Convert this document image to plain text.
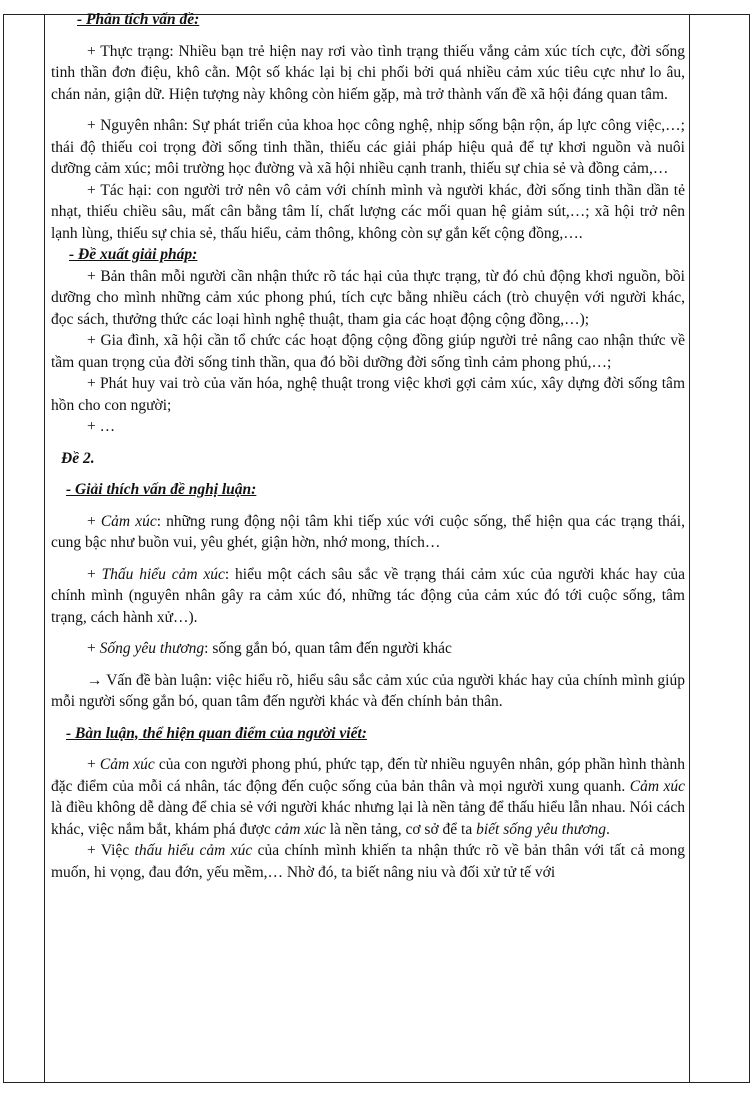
- Phân tích vấn đề:

+ Thực trạng: Nhiều bạn trẻ hiện nay rơi vào tình trạng thiếu vắng cảm xúc tích cực, đời sống tinh thần đơn điệu, khô cằn. Một số khác lại bị chi phối bởi quá nhiều cảm xúc tiêu cực như lo âu, chán nản, giận dữ. Hiện tượng này không còn hiếm gặp, mà trở thành vấn đề xã hội đáng quan tâm.

+ Nguyên nhân: Sự phát triển của khoa học công nghệ, nhịp sống bận rộn, áp lực công việc,…; thái độ thiếu coi trọng đời sống tinh thần, thiếu các giải pháp hiệu quả để tự khơi nguồn và nuôi dưỡng cảm xúc; môi trường học đường và xã hội nhiều cạnh tranh, thiếu sự chia sẻ và đồng cảm,…

+ Tác hại: con người trở nên vô cảm với chính mình và người khác, đời sống tinh thần dần tẻ nhạt, thiếu chiều sâu, mất cân bằng tâm lí, chất lượng các mối quan hệ giảm sút,…; xã hội trở nên lạnh lùng, thiếu sự chia sẻ, thấu hiểu, cảm thông, không còn sự gắn kết cộng đồng,….

- Đề xuất giải pháp:

+ Bản thân mỗi người cần nhận thức rõ tác hại của thực trạng, từ đó chủ động khơi nguồn, bồi dưỡng cho mình những cảm xúc phong phú, tích cực bằng nhiều cách (trò chuyện với người khác, đọc sách, thưởng thức các loại hình nghệ thuật, tham gia các hoạt động cộng đồng,…);

+ Gia đình, xã hội cần tổ chức các hoạt động cộng đồng giúp người trẻ nâng cao nhận thức về tầm quan trọng của đời sống tinh thần, qua đó bồi dưỡng đời sống tình cảm phong phú,…;

+ Phát huy vai trò của văn hóa, nghệ thuật trong việc khơi gợi cảm xúc, xây dựng đời sống tâm hồn cho con người;

+ …

Đề 2.

- Giải thích vấn đề nghị luận:

+ Cảm xúc: những rung động nội tâm khi tiếp xúc với cuộc sống, thể hiện qua các trạng thái, cung bậc như buồn vui, yêu ghét, giận hờn, nhớ mong, thích…

+ Thấu hiểu cảm xúc: hiểu một cách sâu sắc về trạng thái cảm xúc của người khác hay của chính mình (nguyên nhân gây ra cảm xúc đó, những tác động của cảm xúc đó tới cuộc sống, tâm trạng, cách hành xử…).

+ Sống yêu thương: sống gắn bó, quan tâm đến người khác

→ Vấn đề bàn luận: việc hiểu rõ, hiểu sâu sắc cảm xúc của người khác hay của chính mình giúp mỗi người sống gắn bó, quan tâm đến người khác và đến chính bản thân.

- Bàn luận, thể hiện quan điểm của người viết:

+ Cảm xúc của con người phong phú, phức tạp, đến từ nhiều nguyên nhân, góp phần hình thành đặc điểm của mỗi cá nhân, tác động đến cuộc sống của bản thân và mọi người xung quanh. Cảm xúc là điều không dễ dàng để chia sẻ với người khác nhưng lại là nền tảng để thấu hiểu lẫn nhau. Nói cách khác, việc nắm bắt, khám phá được cảm xúc là nền tảng, cơ sở để ta biết sống yêu thương.

+ Việc thấu hiểu cảm xúc của chính mình khiến ta nhận thức rõ về bản thân với tất cả mong muốn, hi vọng, đau đớn, yếu mềm,… Nhờ đó, ta biết nâng niu và đối xử tử tế với
